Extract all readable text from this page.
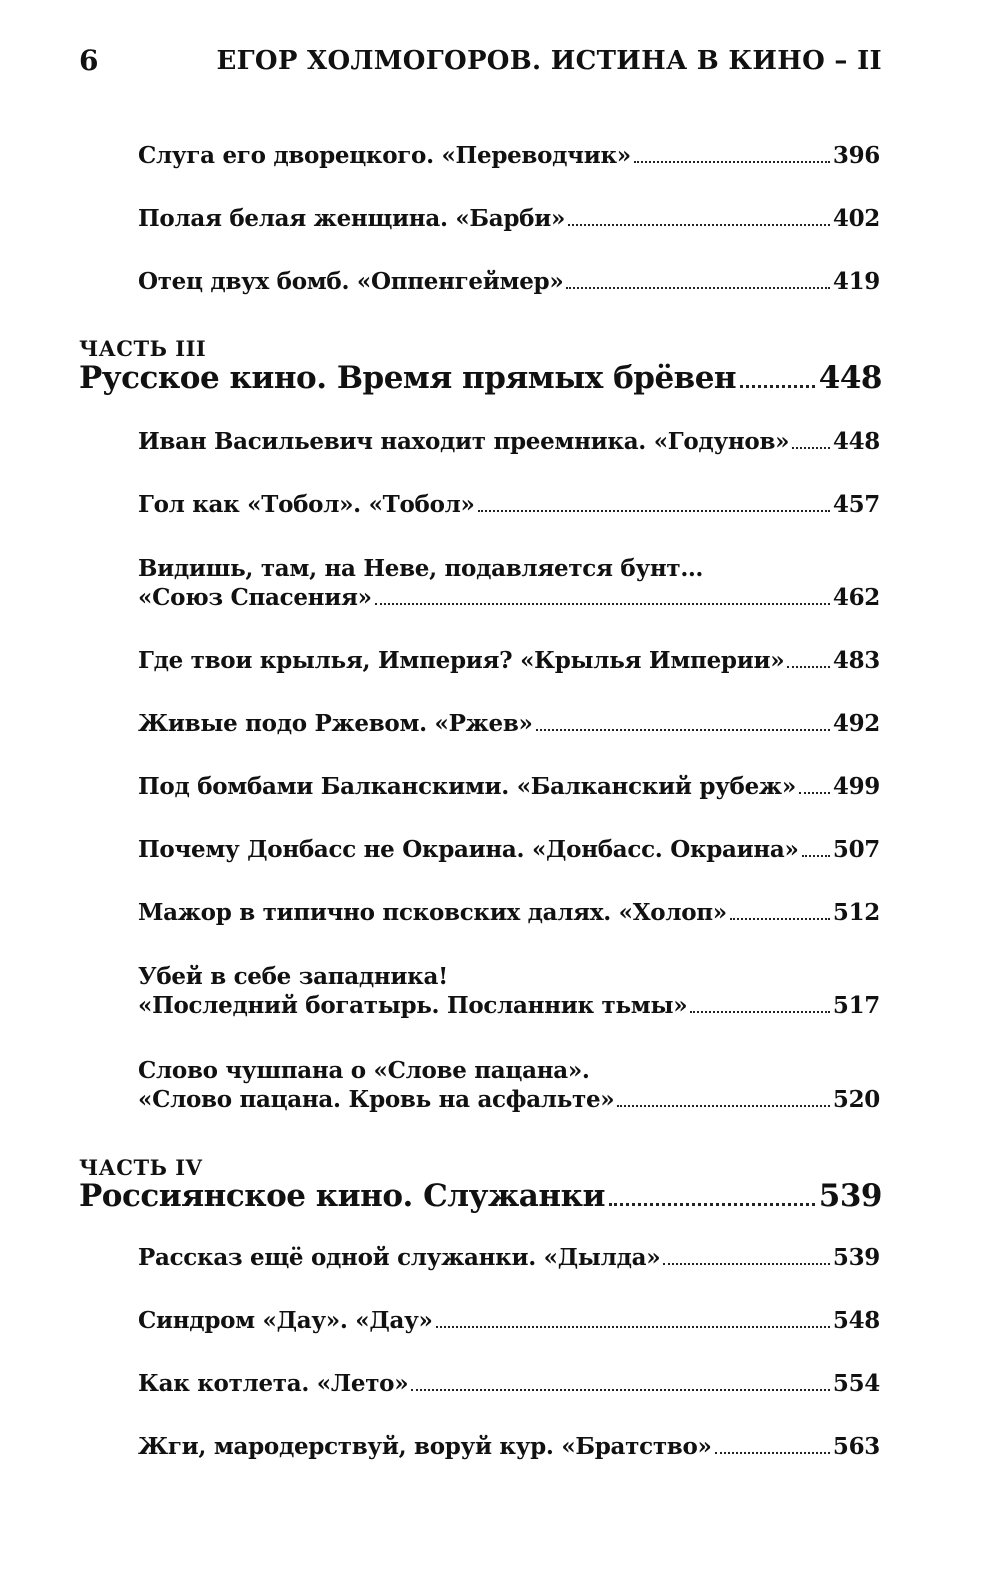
6	ЕГОР ХОЛМОГОРОВ. ИСТИНА В КИНО – II
Слуга его дворецкого. «Переводчик»	396
Полая белая женщина. «Барби»	402
Отец двух бомб. «Оппенгеймер»	419
ЧАСТЬ III
Русское кино. Время прямых брёвен	448
Иван Васильевич находит преемника. «Годунов» 448
Гол как «Тобол». «Тобол»	457
Видишь, там, на Неве, подавляется бунт…
«Союз Спасения»	462
Где твои крылья, Империя? «Крылья Империи» 483
Живые подо Ржевом. «Ржев»	492
Под бомбами Балканскими. «Балканский рубеж» 499
Почему Донбасс не Окраина. «Донбасс. Окраина» 507
Мажор в типично псковских далях. «Холоп»	512
Убей в себе западника!
«Последний богатырь. Посланник тьмы»	517
Слово чушпана о «Слове пацана».
«Слово пацана. Кровь на асфальте»	520
ЧАСТЬ IV
Россиянское кино. Служанки	539
Рассказ ещё одной служанки. «Дылда»	539
Синдром «Дау». «Дау»	548
Как котлета. «Лето»	554
Жги, мародерствуй, воруй кур. «Братство»	563
